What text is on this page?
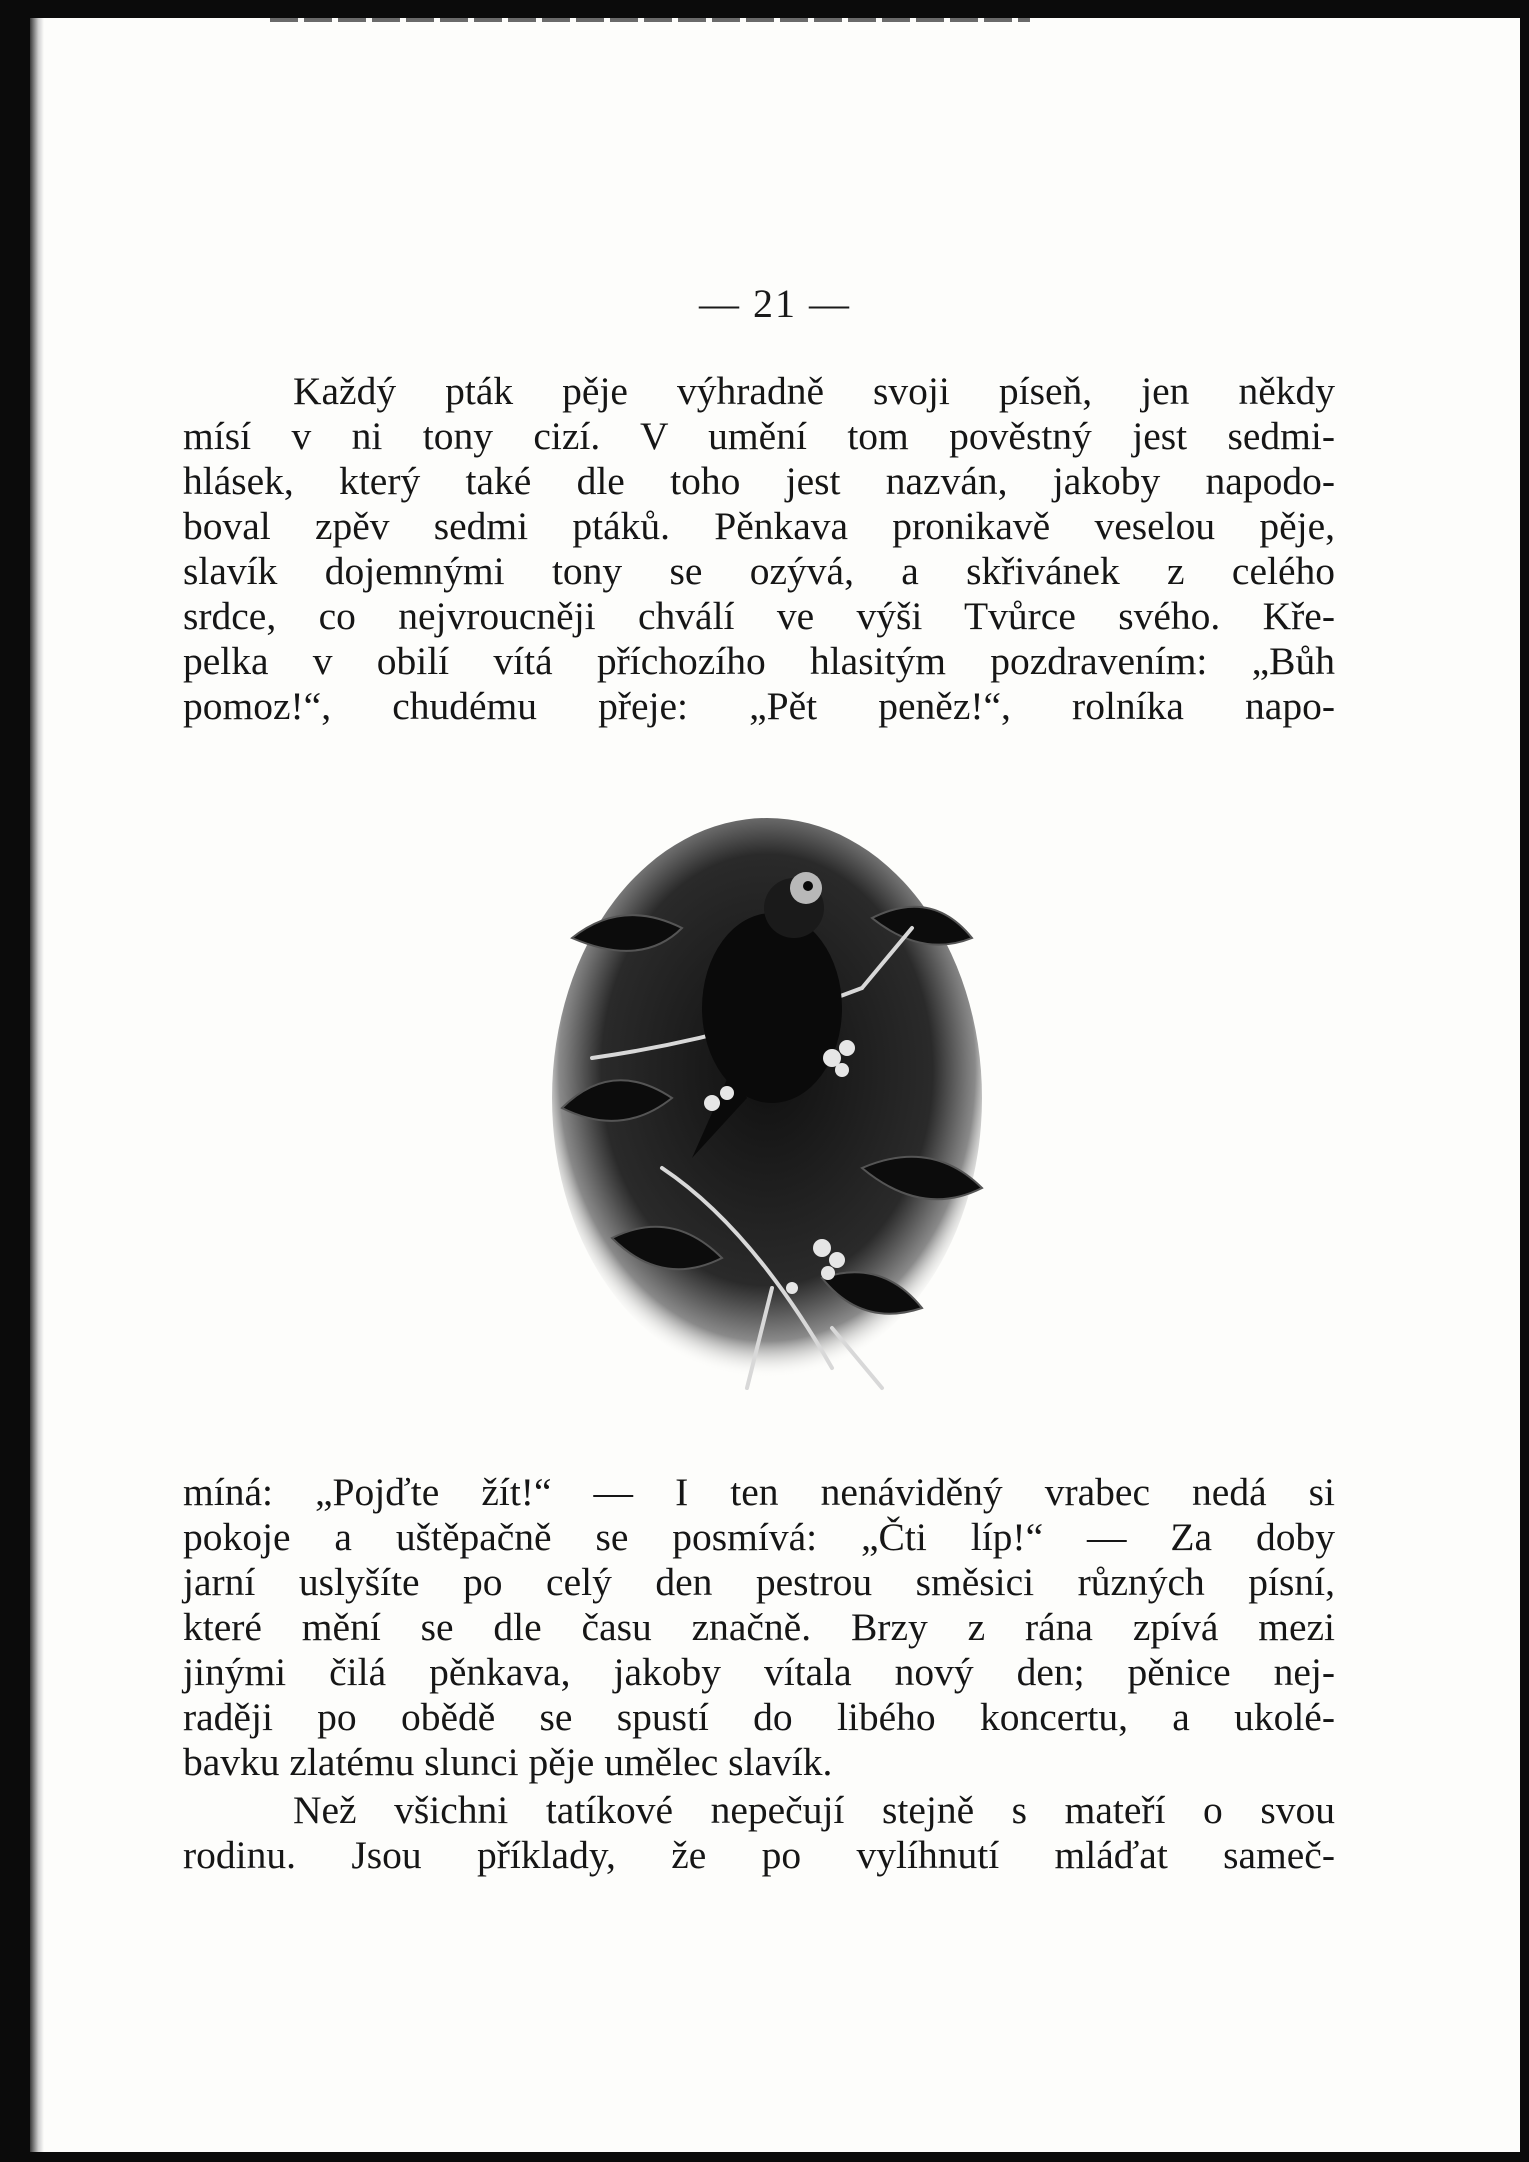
— 21 —

Každý pták pěje výhradně svoji píseň, jen někdy
mísí v ni tony cizí. V umění tom pověstný jest sedmi-
hlásek, který také dle toho jest nazván, jakoby napodo-
boval zpěv sedmi ptáků. Pěnkava pronikavě veselou pěje,
slavík dojemnými tony se ozývá, a skřivánek z celého
srdce, co nejvroucněji chválí ve výši Tvůrce svého. Kře-
pelka v obilí vítá příchozího hlasitým pozdravením: „Bůh
pomoz!“, chudému přeje: „Pět peněz!“, rolníka napo-

míná: „Pojďte žít!“ — I ten nenáviděný vrabec nedá si
pokoje a uštěpačně se posmívá: „Čti líp!“ — Za doby
jarní uslyšíte po celý den pestrou směsici různých písní,
které mění se dle času značně. Brzy z rána zpívá mezi
jinými čilá pěnkava, jakoby vítala nový den; pěnice nej-
raději po obědě se spustí do libého koncertu, a ukolé-
bavku zlatému slunci pěje umělec slavík.

Než všichni tatíkové nepečují stejně s mateří o svou
rodinu. Jsou příklady, že po vylíhnutí mláďat sameč-
